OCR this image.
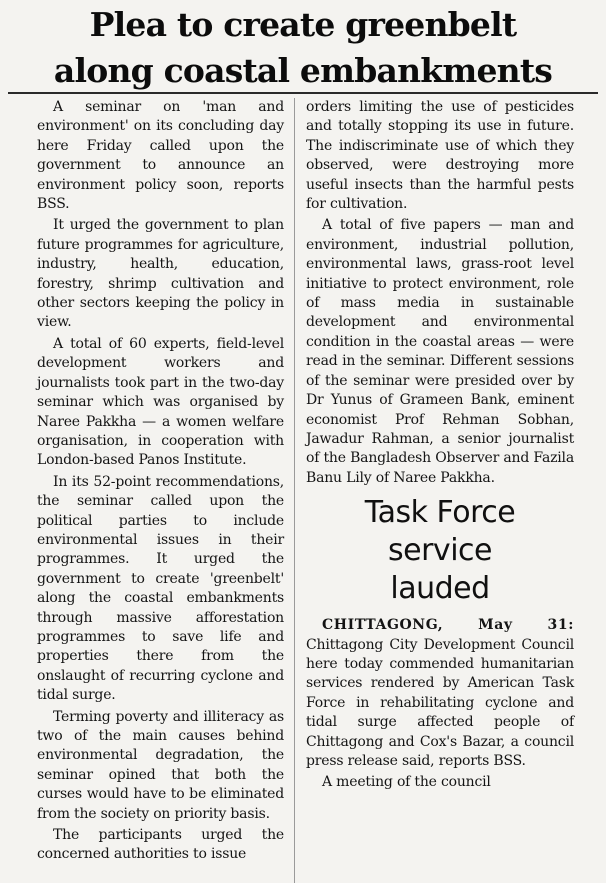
Plea to create greenbelt
along coastal embankments

A seminar on 'man and environment' on its concluding day here Friday called upon the government to announce an environment policy soon, reports BSS.

It urged the government to plan future programmes for agriculture, industry, health, education, forestry, shrimp cultivation and other sectors keeping the policy in view.

A total of 60 experts, field-level development workers and journalists took part in the two-day seminar which was organised by Naree Pakkha — a women welfare organisation, in cooperation with London-based Panos Institute.

In its 52-point recommendations, the seminar called upon the political parties to include environmental issues in their programmes. It urged the government to create 'greenbelt' along the coastal embankments through massive afforestation programmes to save life and properties there from the onslaught of recurring cyclone and tidal surge.

Terming poverty and illiteracy as two of the main causes behind environmental degradation, the seminar opined that both the curses would have to be eliminated from the society on priority basis.

The participants urged the concerned authorities to issue

orders limiting the use of pesticides and totally stopping its use in future. The indiscriminate use of which they observed, were destroying more useful insects than the harmful pests for cultivation.

A total of five papers — man and environment, industrial pollution, environmental laws, grass-root level initiative to protect environment, role of mass media in sustainable development and environmental condition in the coastal areas — were read in the seminar. Different sessions of the seminar were presided over by Dr Yunus of Grameen Bank, eminent economist Prof Rehman Sobhan, Jawadur Rahman, a senior journalist of the Bangladesh Observer and Fazila Banu Lily of Naree Pakkha.

Task Force
service
lauded

CHITTAGONG, May 31: Chittagong City Development Council here today commended humanitarian services rendered by American Task Force in rehabilitating cyclone and tidal surge affected people of Chittagong and Cox's Bazar, a council press release said, reports BSS.

A meeting of the council
